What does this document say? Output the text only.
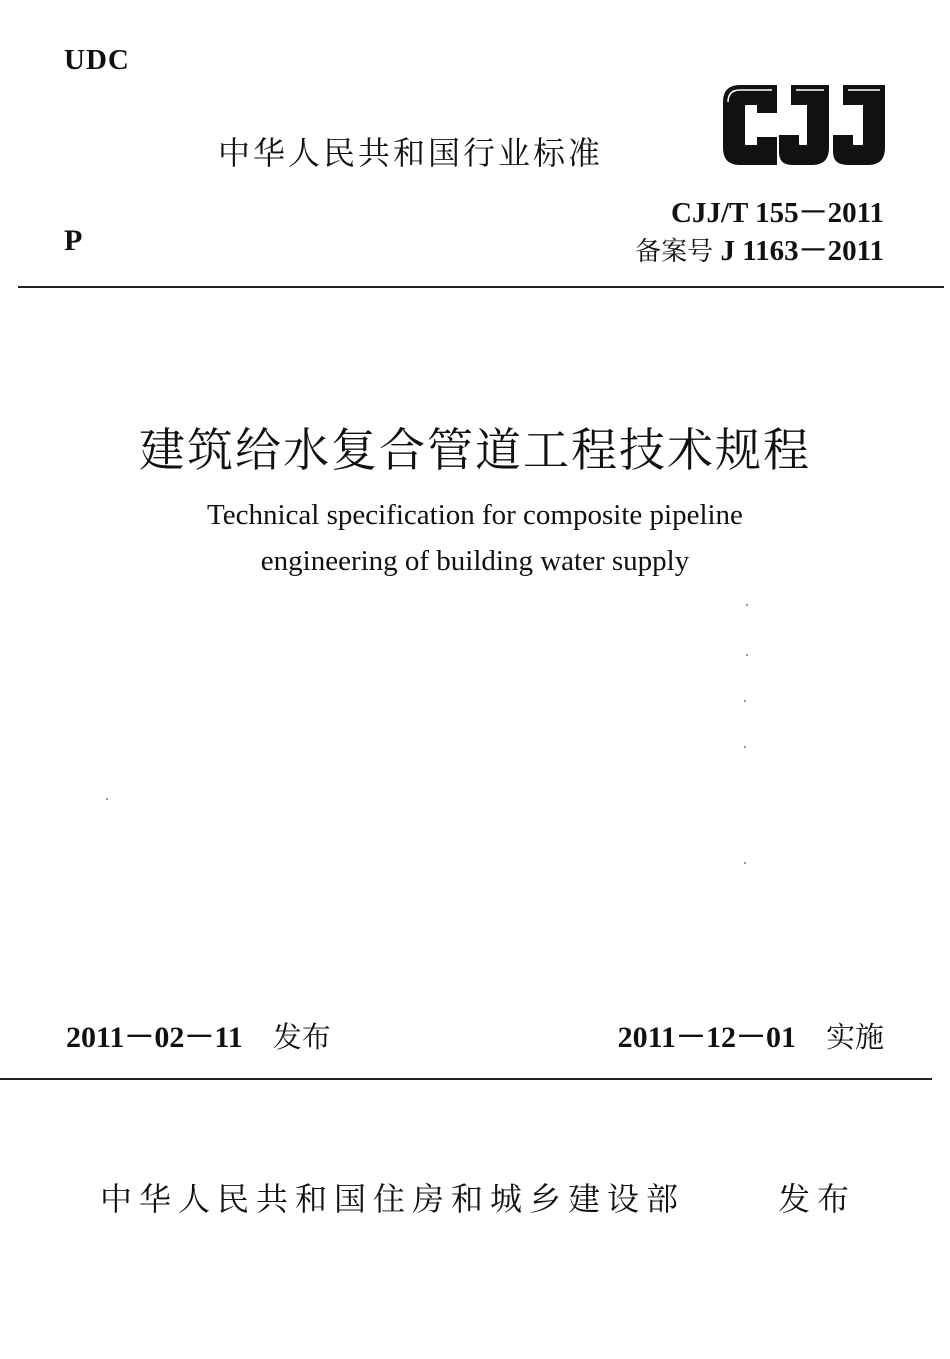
UDC
中华人民共和国行业标准
P
CJJ/T 155－2011
备案号 J 1163－2011
建筑给水复合管道工程技术规程
Technical specification for composite pipeline
engineering of building water supply
2011－02－11 发布	2011－12－01 实施
中华人民共和国住房和城乡建设部	发布
